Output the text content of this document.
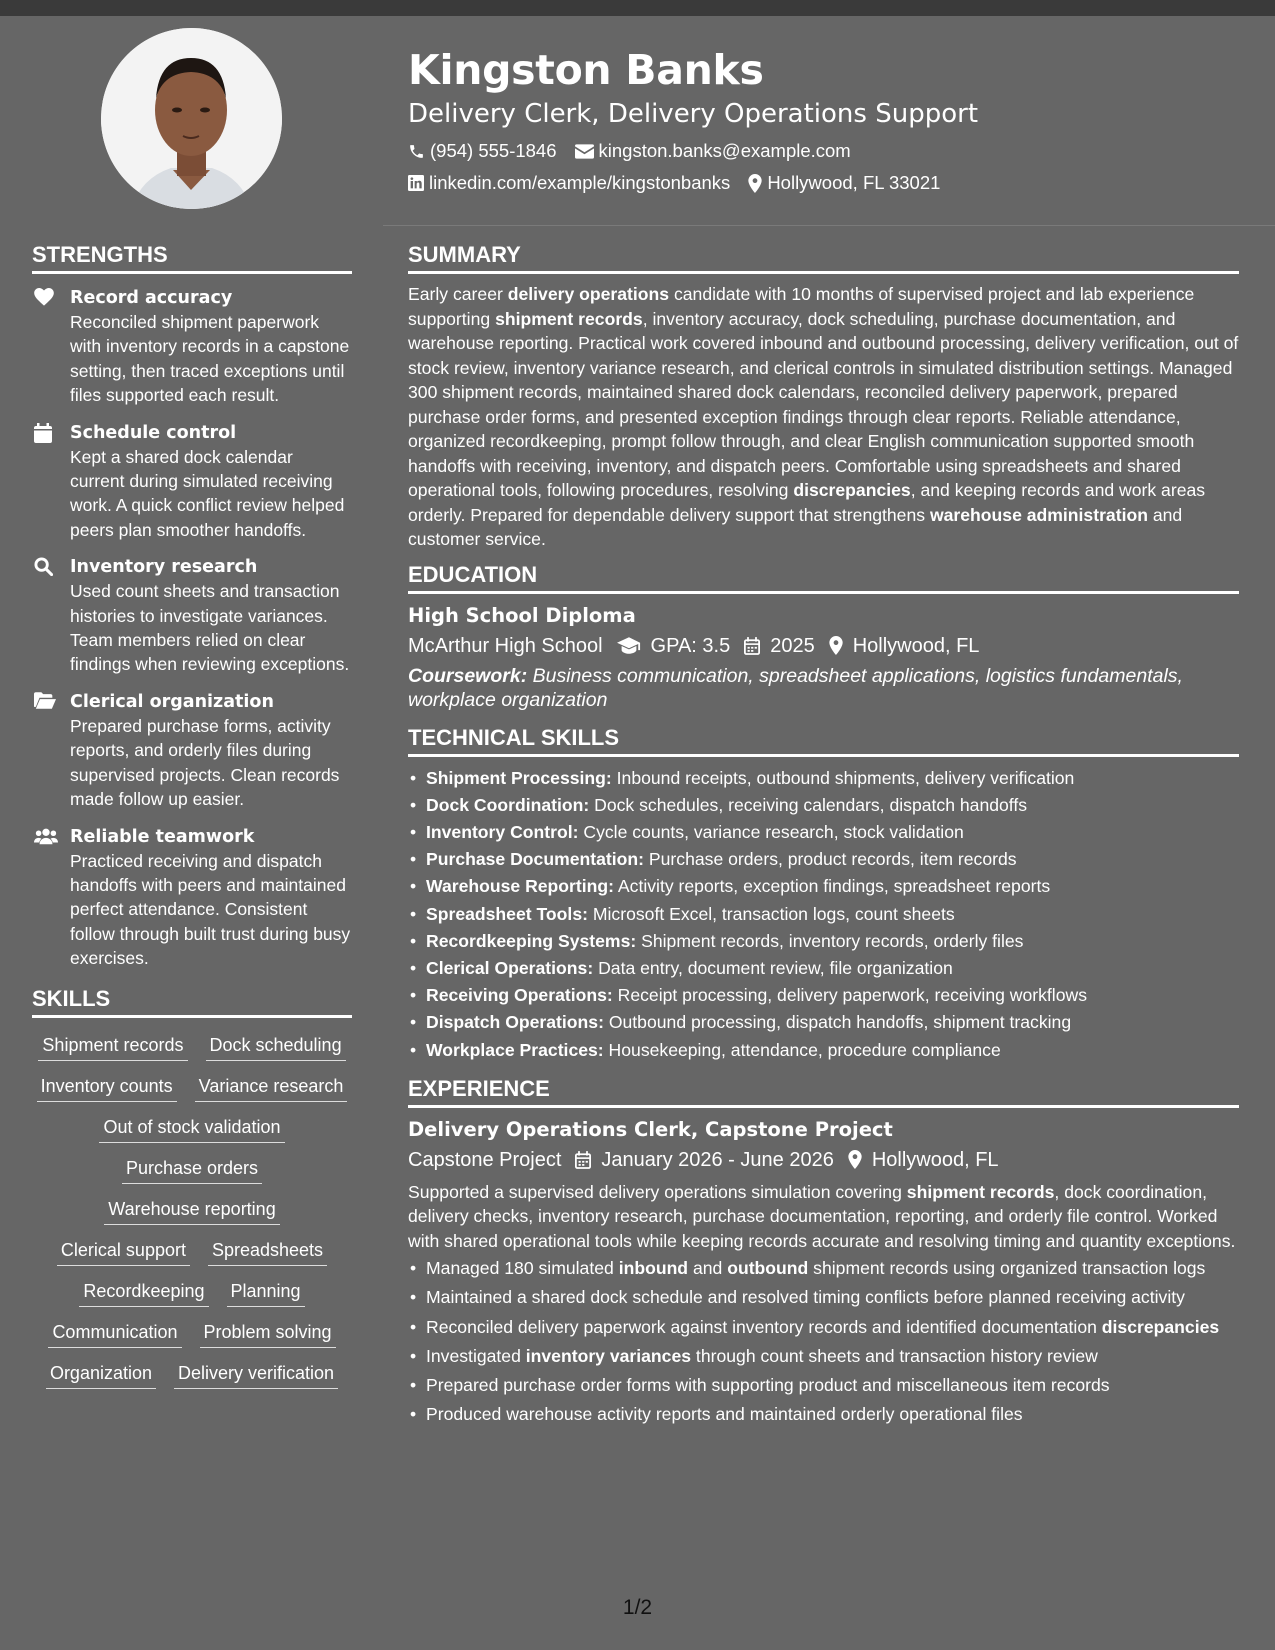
Kingston Banks
Delivery Clerk, Delivery Operations Support
(954) 555-1846 kingston.banks@example.com
linkedin.com/example/kingstonbanks Hollywood, FL 33021
STRENGTHS
Record accuracy
Reconciled shipment paperwork with inventory records in a capstone setting, then traced exceptions until files supported each result.
Schedule control
Kept a shared dock calendar current during simulated receiving work. A quick conflict review helped peers plan smoother handoffs.
Inventory research
Used count sheets and transaction histories to investigate variances. Team members relied on clear findings when reviewing exceptions.
Clerical organization
Prepared purchase forms, activity reports, and orderly files during supervised projects. Clean records made follow up easier.
Reliable teamwork
Practiced receiving and dispatch handoffs with peers and maintained perfect attendance. Consistent follow through built trust during busy exercises.
SKILLS
Shipment records Dock scheduling
Inventory counts Variance research
Out of stock validation
Purchase orders
Warehouse reporting
Clerical support Spreadsheets
Recordkeeping Planning
Communication Problem solving
Organization Delivery verification
SUMMARY

Early career delivery operations candidate with 10 months of supervised project and lab experience supporting shipment records, inventory accuracy, dock scheduling, purchase documentation, and warehouse reporting. Practical work covered inbound and outbound processing, delivery verification, out of stock review, inventory variance research, and clerical controls in simulated distribution settings. Managed 300 shipment records, maintained shared dock calendars, reconciled delivery paperwork, prepared purchase order forms, and presented exception findings through clear reports. Reliable attendance, organized recordkeeping, prompt follow through, and clear English communication supported smooth handoffs with receiving, inventory, and dispatch peers. Comfortable using spreadsheets and shared operational tools, following procedures, resolving discrepancies, and keeping records and work areas orderly. Prepared for dependable delivery support that strengthens warehouse administration and customer service.

EDUCATION
High School Diploma
McArthur High School GPA: 3.5 2025 Hollywood, FL
Coursework: Business communication, spreadsheet applications, logistics fundamentals, workplace organization
TECHNICAL SKILLS
• Shipment Processing: Inbound receipts, outbound shipments, delivery verification
• Dock Coordination: Dock schedules, receiving calendars, dispatch handoffs
• Inventory Control: Cycle counts, variance research, stock validation
• Purchase Documentation: Purchase orders, product records, item records
• Warehouse Reporting: Activity reports, exception findings, spreadsheet reports
• Spreadsheet Tools: Microsoft Excel, transaction logs, count sheets
• Recordkeeping Systems: Shipment records, inventory records, orderly files
• Clerical Operations: Data entry, document review, file organization
• Receiving Operations: Receipt processing, delivery paperwork, receiving workflows
• Dispatch Operations: Outbound processing, dispatch handoffs, shipment tracking
• Workplace Practices: Housekeeping, attendance, procedure compliance
EXPERIENCE
Delivery Operations Clerk, Capstone Project
Capstone Project January 2026 - June 2026 Hollywood, FL

Supported a supervised delivery operations simulation covering shipment records, dock coordination, delivery checks, inventory research, purchase documentation, reporting, and orderly file control. Worked with shared operational tools while keeping records accurate and resolving timing and quantity exceptions.

• Managed 180 simulated inbound and outbound shipment records using organized transaction logs
• Maintained a shared dock schedule and resolved timing conflicts before planned receiving activity
• Reconciled delivery paperwork against inventory records and identified documentation discrepancies
• Investigated inventory variances through count sheets and transaction history review
• Prepared purchase order forms with supporting product and miscellaneous item records
• Produced warehouse activity reports and maintained orderly operational files
1/2
